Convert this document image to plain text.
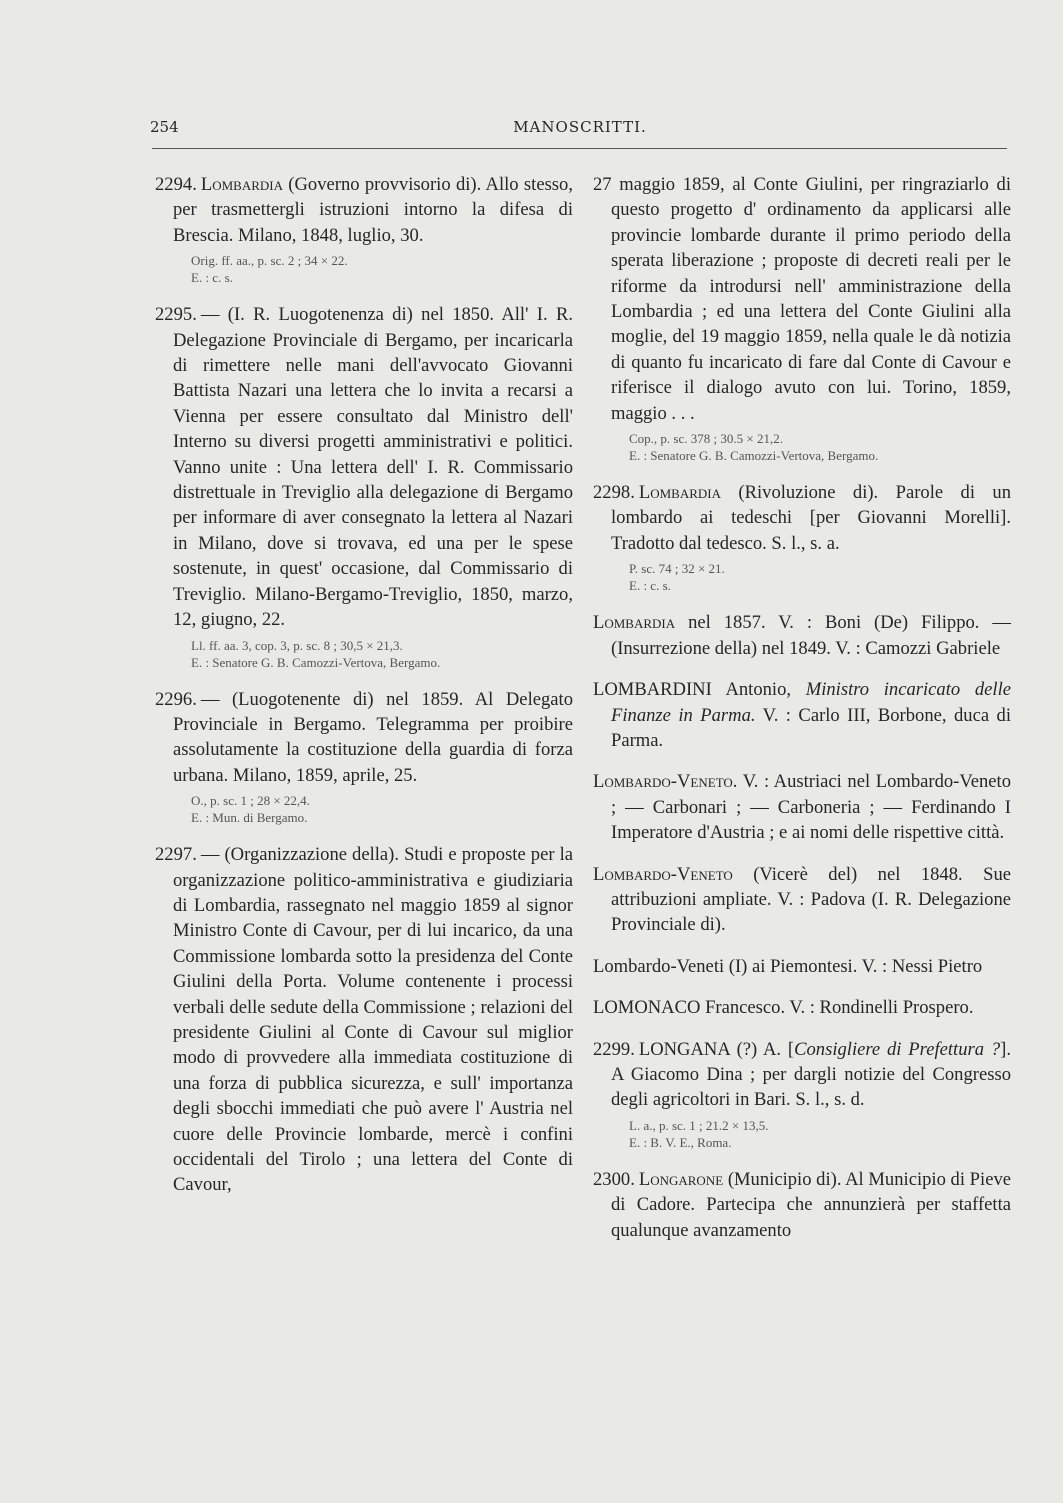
254	MANOSCRITTI.

2294. Lombardia (Governo provvisorio di). Allo stesso, per trasmettergli istruzioni intorno la difesa di Brescia. Milano, 1848, luglio, 30.

Orig. ff. aa., p. sc. 2 ; 34 × 22.

E. : c. s.

2295. — (I. R. Luogotenenza di) nel 1850. All' I. R. Delegazione Provinciale di Bergamo, per incaricarla di rimettere nelle mani dell'avvocato Giovanni Battista Nazari una lettera che lo invita a recarsi a Vienna per essere consultato dal Ministro dell' Interno su diversi progetti amministrativi e politici. Vanno unite : Una lettera dell' I. R. Commissario distrettuale in Treviglio alla delegazione di Bergamo per informare di aver consegnato la lettera al Nazari in Milano, dove si trovava, ed una per le spese sostenute, in quest' occasione, dal Commissario di Treviglio. Milano-Bergamo-Treviglio, 1850, marzo, 12, giugno, 22.

Ll. ff. aa. 3, cop. 3, p. sc. 8 ; 30,5 × 21,3.

E. : Senatore G. B. Camozzi-Vertova, Bergamo.

2296. — (Luogotenente di) nel 1859. Al Delegato Provinciale in Bergamo. Telegramma per proibire assolutamente la costituzione della guardia di forza urbana. Milano, 1859, aprile, 25.

O., p. sc. 1 ; 28 × 22,4.

E. : Mun. di Bergamo.

2297. — (Organizzazione della). Studi e proposte per la organizzazione politico-amministrativa e giudiziaria di Lombardia, rassegnato nel maggio 1859 al signor Ministro Conte di Cavour, per di lui incarico, da una Commissione lombarda sotto la presidenza del Conte Giulini della Porta. Volume contenente i processi verbali delle sedute della Commissione ; relazioni del presidente Giulini al Conte di Cavour sul miglior modo di provvedere alla immediata costituzione di una forza di pubblica sicurezza, e sull' importanza degli sbocchi immediati che può avere l' Austria nel cuore delle Provincie lombarde, mercè i confini occidentali del Tirolo ; una lettera del Conte di Cavour,

27 maggio 1859, al Conte Giulini, per ringraziarlo di questo progetto d' ordinamento da applicarsi alle provincie lombarde durante il primo periodo della sperata liberazione ; proposte di decreti reali per le riforme da introdursi nell' amministrazione della Lombardia ; ed una lettera del Conte Giulini alla moglie, del 19 maggio 1859, nella quale le dà notizia di quanto fu incaricato di fare dal Conte di Cavour e riferisce il dialogo avuto con lui. Torino, 1859, maggio . . .

Cop., p. sc. 378 ; 30.5 × 21,2.

E. : Senatore G. B. Camozzi-Vertova, Bergamo.

2298. Lombardia (Rivoluzione di). Parole di un lombardo ai tedeschi [per Giovanni Morelli]. Tradotto dal tedesco. S. l., s. a.

P. sc. 74 ; 32 × 21.

E. : c. s.

Lombardia nel 1857. V. : Boni (De) Filippo. — (Insurrezione della) nel 1849. V. : Camozzi Gabriele

LOMBARDINI Antonio, Ministro incaricato delle Finanze in Parma. V. : Carlo III, Borbone, duca di Parma.

Lombardo-Veneto. V. : Austriaci nel Lombardo-Veneto ; — Carbonari ; — Carboneria ; — Ferdinando I Imperatore d'Austria ; e ai nomi delle rispettive città.

Lombardo-Veneto (Vicerè del) nel 1848. Sue attribuzioni ampliate. V. : Padova (I. R. Delegazione Provinciale di).

Lombardo-Veneti (I) ai Piemontesi. V. : Nessi Pietro

LOMONACO Francesco. V. : Rondinelli Prospero.

2299. LONGANA (?) A. [Consigliere di Prefettura ?]. A Giacomo Dina ; per dargli notizie del Congresso degli agricoltori in Bari. S. l., s. d.

L. a., p. sc. 1 ; 21.2 × 13,5.

E. : B. V. E., Roma.

2300. Longarone (Municipio di). Al Municipio di Pieve di Cadore. Partecipa che annunzierà per staffetta qualunque avanzamento
